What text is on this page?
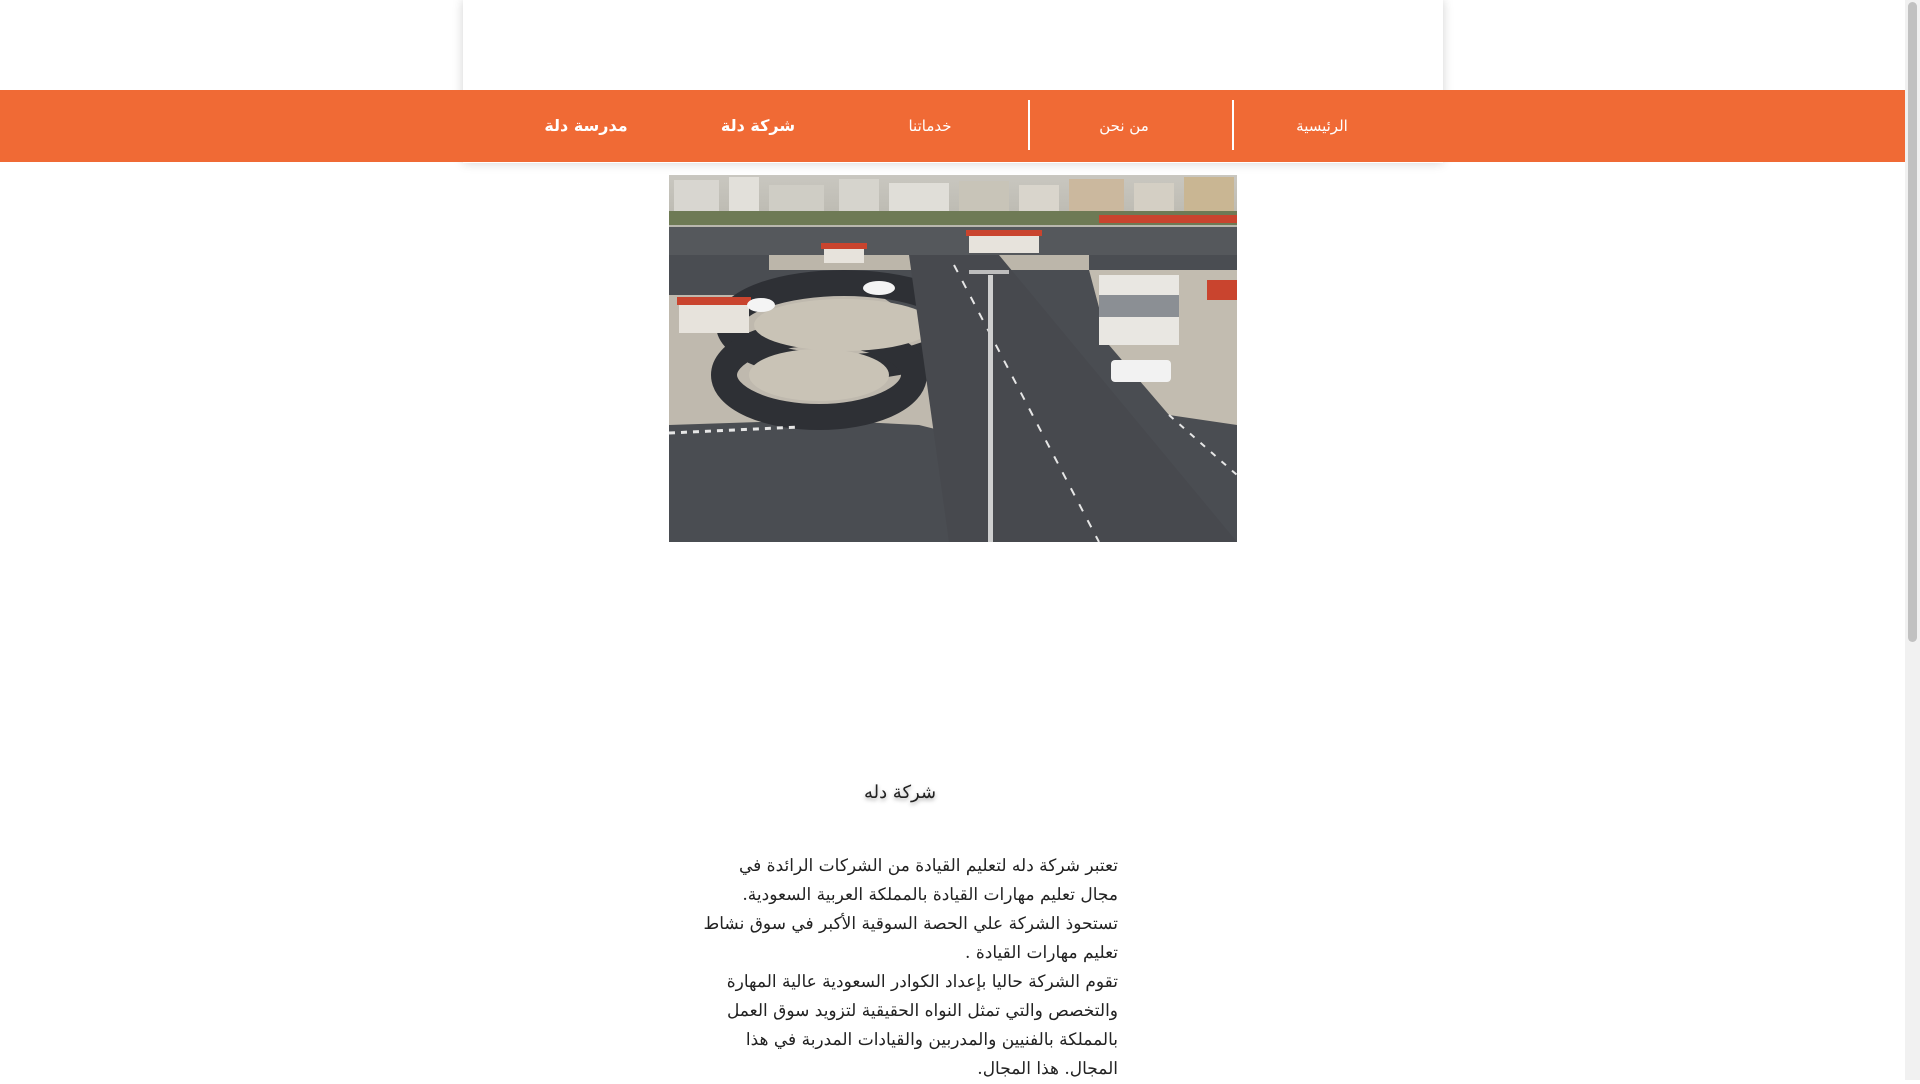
مدرسة دلة	شركة دلة	خدماتنا	من نحن	الرئيسية
شركة دله
تعتبر شركة دله لتعليم القيادة من الشركات الرائدة في
مجال تعليم مهارات القيادة بالمملكة العربية السعودية.
تستحوذ الشركة علي الحصة السوقية الأكبر في سوق نشاط
تعليم مهارات القيادة .
تقوم الشركة حاليا بإعداد الكوادر السعودية عالية المهارة
والتخصص والتي تمثل النواه الحقيقية لتزويد سوق العمل
بالمملكة بالفنيين والمدربين والقيادات المدربة في هذا
المجال. هذا المجال.
